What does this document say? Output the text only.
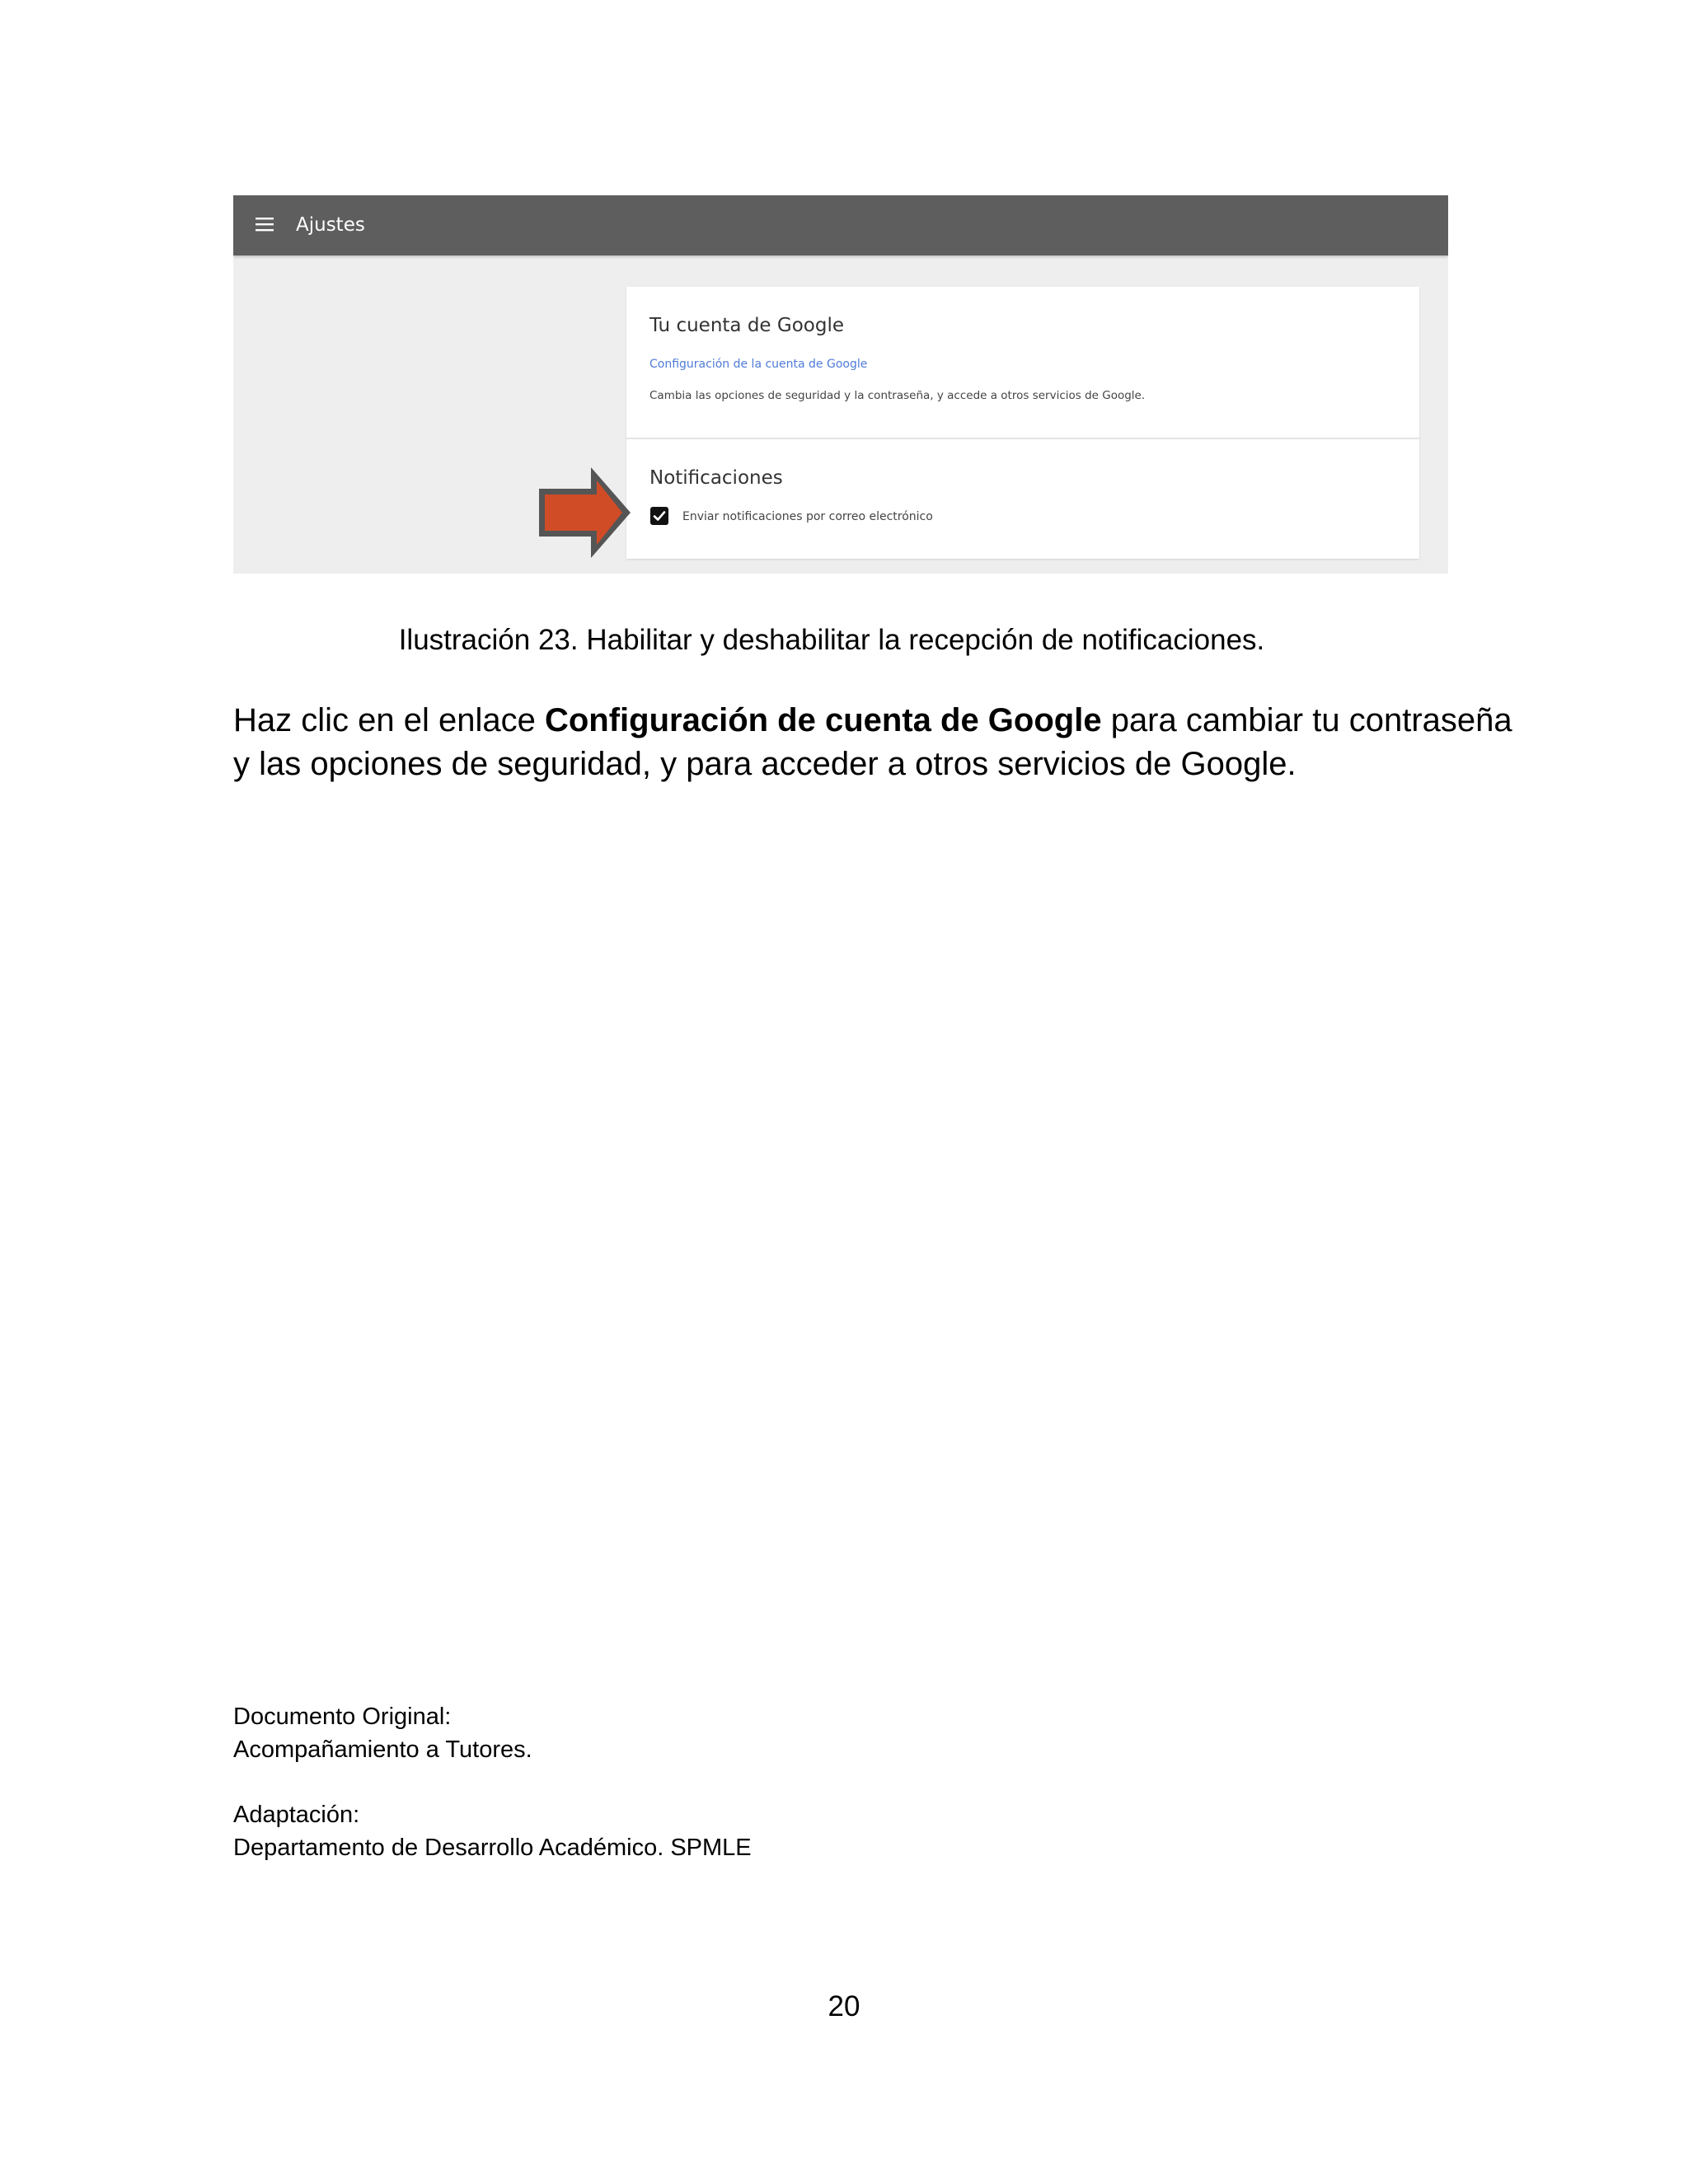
Ajustes
Tu cuenta de Google
Configuración de la cuenta de Google
Cambia las opciones de seguridad y la contraseña, y accede a otros servicios de Google.
Notificaciones
Enviar notificaciones por correo electrónico
Ilustración 23. Habilitar y deshabilitar la recepción de notificaciones.

Haz clic en el enlace Configuración de cuenta de Google para cambiar tu contraseña y las opciones de seguridad, y para acceder a otros servicios de Google.

Documento Original:
Acompañamiento a Tutores.
Adaptación:
Departamento de Desarrollo Académico. SPMLE
20
